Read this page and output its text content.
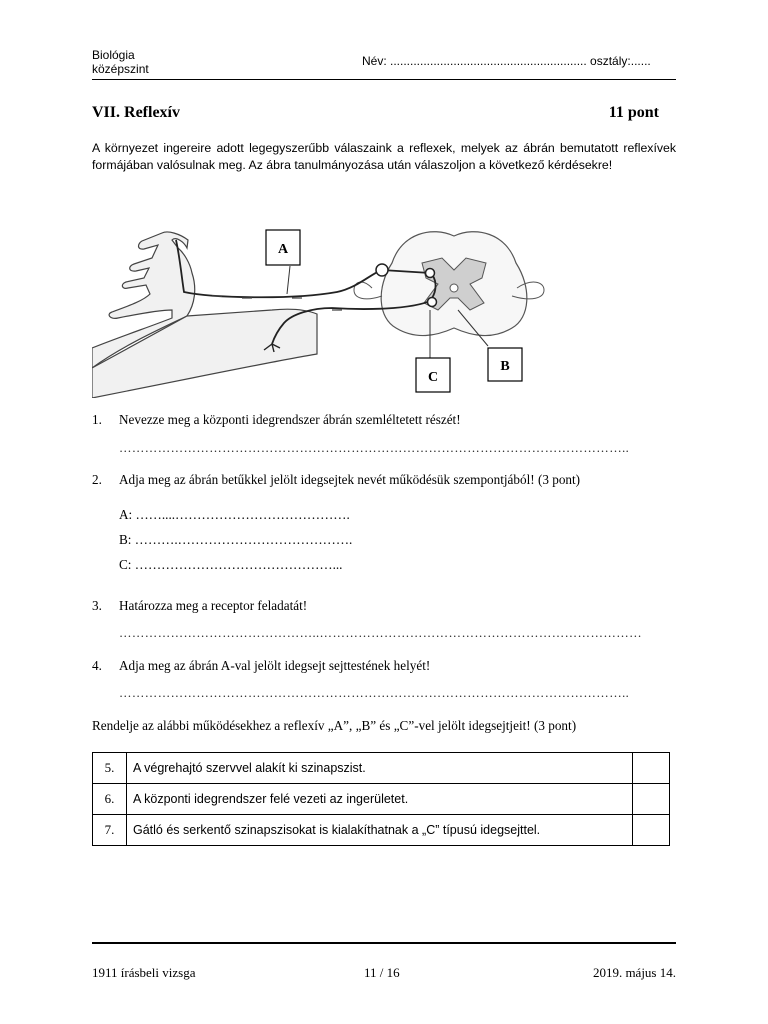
Biológia
középszint
Név: ........................................................... osztály:......
VII. Reflexív	11 pont
A környezet ingereire adott legegyszerűbb válaszaink a reflexek, melyek az ábrán bemutatott reflexívek formájában valósulnak meg. Az ábra tanulmányozása után válaszoljon a következő kérdésekre!
A
B
C
1. Nevezze meg a központi idegrendszer ábrán szemléltetett részét!
………………………………………………………………………………………………………..
2. Adja meg az ábrán betűkkel jelölt idegsejtek nevét működésük szempontjából! (3 pont)
A: ……....………………………………….
B: ……….………………………………….
C: ………………………………………...
3. Határozza meg a receptor feladatát!
………………………………………..…………………………………………………………………
4. Adja meg az ábrán A-val jelölt idegsejt sejttestének helyét!
………………………………………………………………………………………………………..
Rendelje az alábbi működésekhez a reflexív „A”, „B” és „C”-vel jelölt idegsejtjeit! (3 pont)
5.	A végrehajtó szervvel alakít ki szinapszist.	
6.	A központi idegrendszer felé vezeti az ingerületet.	
7.	Gátló és serkentő szinapszisokat is kialakíthatnak a „C” típusú idegsejttel.	
1911 írásbeli vizsga	11 / 16	2019. május 14.
